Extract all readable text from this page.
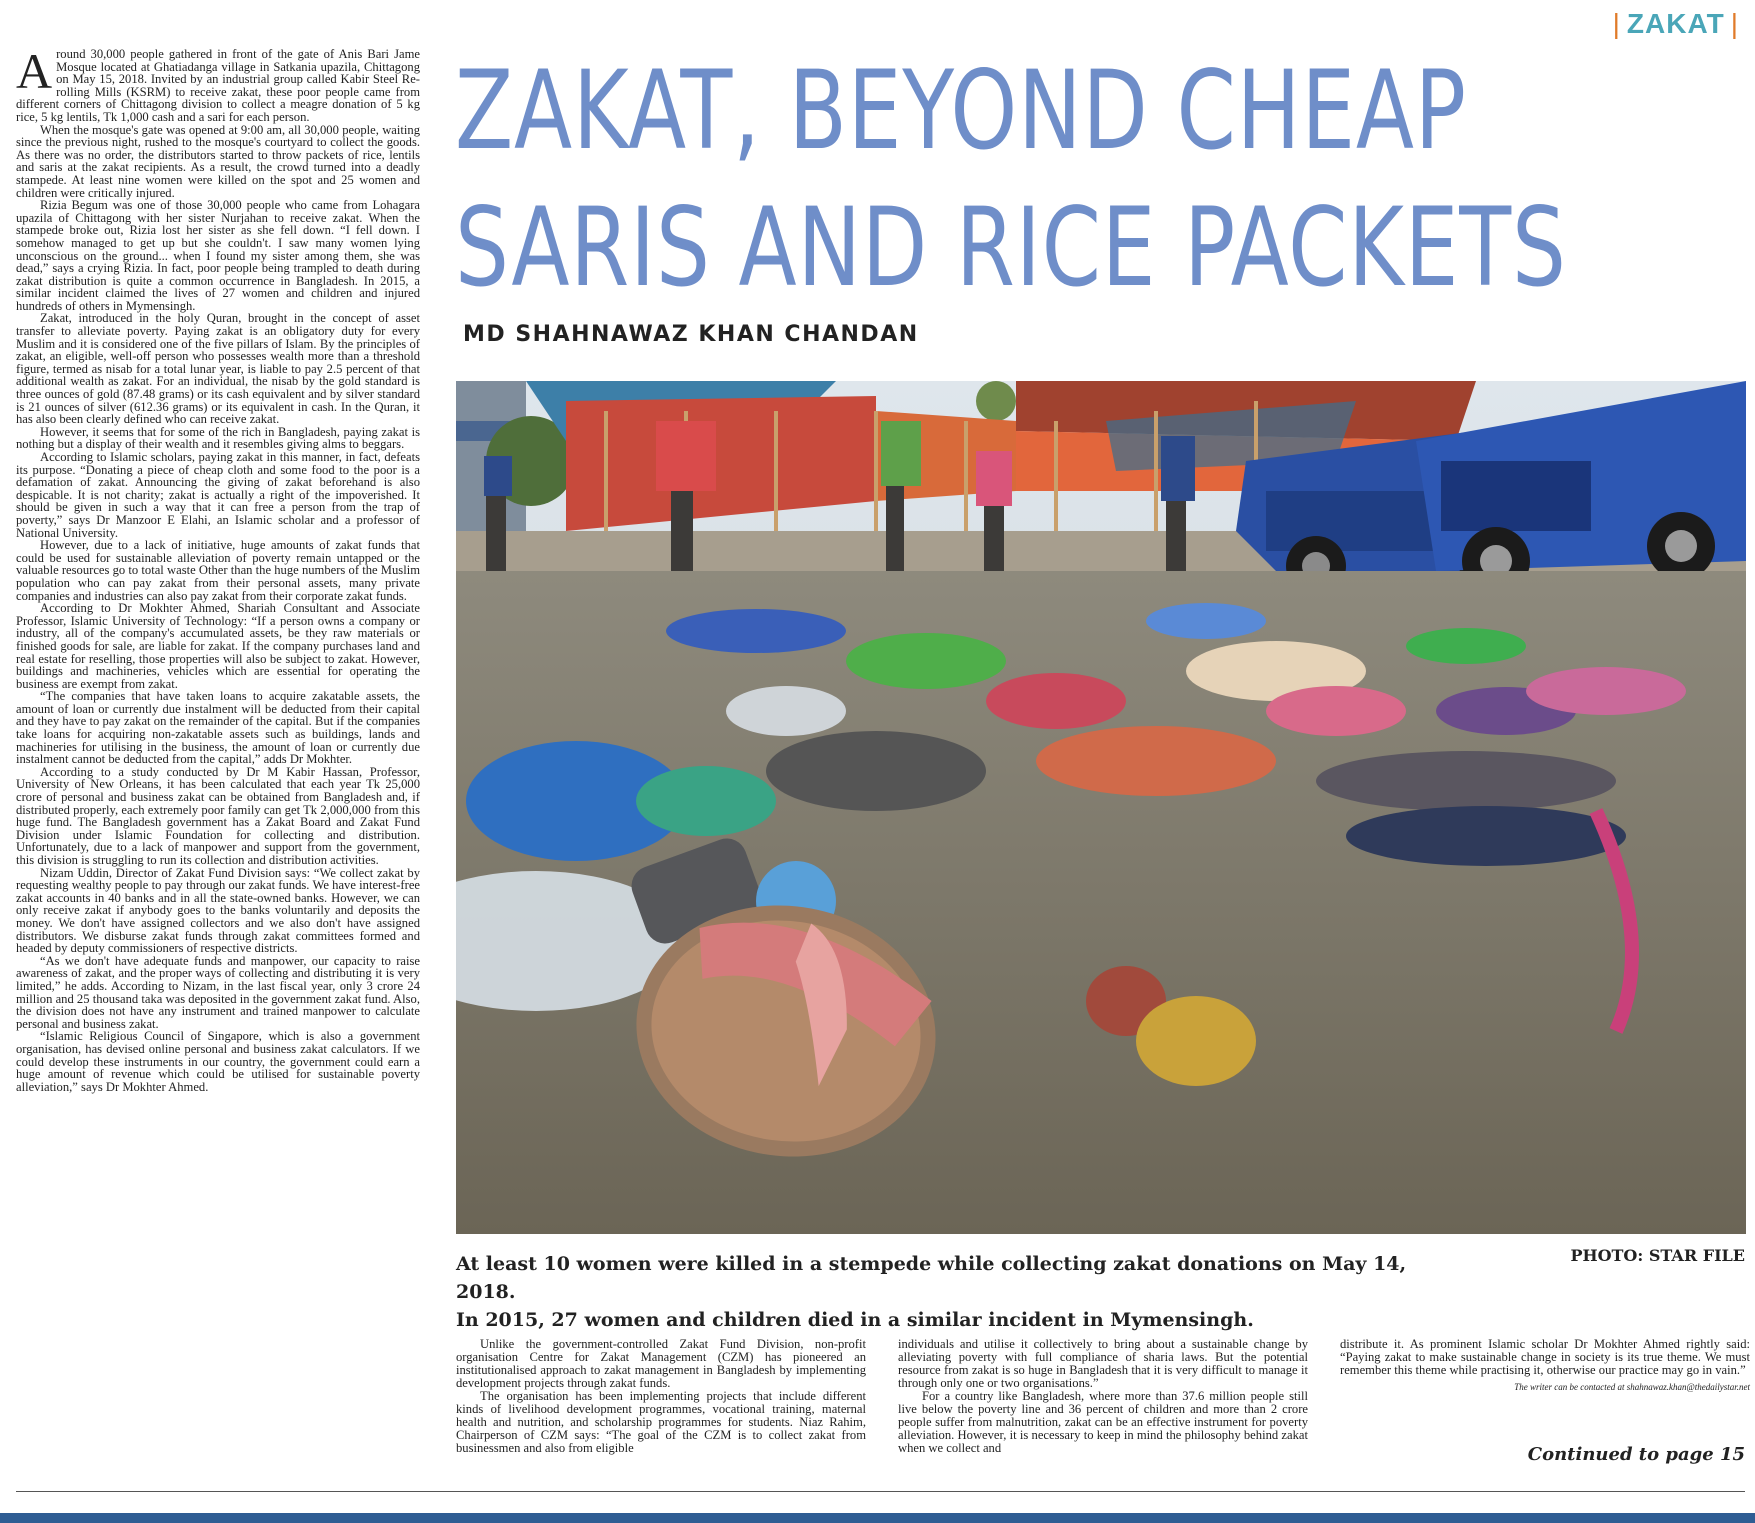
| ZAKAT |
ZAKAT, BEYOND CHEAP SARIS AND RICE PACKETS
MD SHAHNAWAZ KHAN CHANDAN

Around 30,000 people gathered in front of the gate of Anis Bari Jame Mosque located at Ghatiadanga village in Satkania upazila, Chittagong on May 15, 2018. Invited by an industrial group called Kabir Steel Re-rolling Mills (KSRM) to receive zakat, these poor people came from different corners of Chittagong division to collect a meagre donation of 5 kg rice, 5 kg lentils, Tk 1,000 cash and a sari for each person.

When the mosque's gate was opened at 9:00 am, all 30,000 people, waiting since the previous night, rushed to the mosque's courtyard to collect the goods. As there was no order, the distributors started to throw packets of rice, lentils and saris at the zakat recipients. As a result, the crowd turned into a deadly stampede. At least nine women were killed on the spot and 25 women and children were critically injured.

Rizia Begum was one of those 30,000 people who came from Lohagara upazila of Chittagong with her sister Nurjahan to receive zakat. When the stampede broke out, Rizia lost her sister as she fell down. “I fell down. I somehow managed to get up but she couldn't. I saw many women lying unconscious on the ground... when I found my sister among them, she was dead,” says a crying Rizia. In fact, poor people being trampled to death during zakat distribution is quite a common occurrence in Bangladesh. In 2015, a similar incident claimed the lives of 27 women and children and injured hundreds of others in Mymensingh.

Zakat, introduced in the holy Quran, brought in the concept of asset transfer to alleviate poverty. Paying zakat is an obligatory duty for every Muslim and it is considered one of the five pillars of Islam. By the principles of zakat, an eligible, well-off person who possesses wealth more than a threshold figure, termed as nisab for a total lunar year, is liable to pay 2.5 percent of that additional wealth as zakat. For an individual, the nisab by the gold standard is three ounces of gold (87.48 grams) or its cash equivalent and by silver standard is 21 ounces of silver (612.36 grams) or its equivalent in cash. In the Quran, it has also been clearly defined who can receive zakat.

However, it seems that for some of the rich in Bangladesh, paying zakat is nothing but a display of their wealth and it resembles giving alms to beggars.

According to Islamic scholars, paying zakat in this manner, in fact, defeats its purpose. “Donating a piece of cheap cloth and some food to the poor is a defamation of zakat. Announcing the giving of zakat beforehand is also despicable. It is not charity; zakat is actually a right of the impoverished. It should be given in such a way that it can free a person from the trap of poverty,” says Dr Manzoor E Elahi, an Islamic scholar and a professor of National University.

However, due to a lack of initiative, huge amounts of zakat funds that could be used for sustainable alleviation of poverty remain untapped or the valuable resources go to total waste Other than the huge numbers of the Muslim population who can pay zakat from their personal assets, many private companies and industries can also pay zakat from their corporate zakat funds.

According to Dr Mokhter Ahmed, Shariah Consultant and Associate Professor, Islamic University of Technology: “If a person owns a company or industry, all of the company's accumulated assets, be they raw materials or finished goods for sale, are liable for zakat. If the company purchases land and real estate for reselling, those properties will also be subject to zakat. However, buildings and machineries, vehicles which are essential for operating the business are exempt from zakat.

“The companies that have taken loans to acquire zakatable assets, the amount of loan or currently due instalment will be deducted from their capital and they have to pay zakat on the remainder of the capital. But if the companies take loans for acquiring non-zakatable assets such as buildings, lands and machineries for utilising in the business, the amount of loan or currently due instalment cannot be deducted from the capital,” adds Dr Mokhter.

According to a study conducted by Dr M Kabir Hassan, Professor, University of New Orleans, it has been calculated that each year Tk 25,000 crore of personal and business zakat can be obtained from Bangladesh and, if distributed properly, each extremely poor family can get Tk 2,000,000 from this huge fund. The Bangladesh government has a Zakat Board and Zakat Fund Division under Islamic Foundation for collecting and distribution. Unfortunately, due to a lack of manpower and support from the government, this division is struggling to run its collection and distribution activities.

Nizam Uddin, Director of Zakat Fund Division says: “We collect zakat by requesting wealthy people to pay through our zakat funds. We have interest-free zakat accounts in 40 banks and in all the state-owned banks. However, we can only receive zakat if anybody goes to the banks voluntarily and deposits the money. We don't have assigned collectors and we also don't have assigned distributors. We disburse zakat funds through zakat committees formed and headed by deputy commissioners of respective districts.

“As we don't have adequate funds and manpower, our capacity to raise awareness of zakat, and the proper ways of collecting and distributing it is very limited,” he adds. According to Nizam, in the last fiscal year, only 3 crore 24 million and 25 thousand taka was deposited in the government zakat fund. Also, the division does not have any instrument and trained manpower to calculate personal and business zakat.

“Islamic Religious Council of Singapore, which is also a government organisation, has devised online personal and business zakat calculators. If we could develop these instruments in our country, the government could earn a huge amount of revenue which could be utilised for sustainable poverty alleviation,” says Dr Mokhter Ahmed.

At least 10 women were killed in a stempede while collecting zakat donations on May 14, 2018.
In 2015, 27 women and children died in a similar incident in Mymensingh.
PHOTO: STAR FILE

Unlike the government-controlled Zakat Fund Division, non-profit organisation Centre for Zakat Management (CZM) has pioneered an institutionalised approach to zakat management in Bangladesh by implementing development projects through zakat funds.

The organisation has been implementing projects that include different kinds of livelihood development programmes, vocational training, maternal health and nutrition, and scholarship programmes for students. Niaz Rahim, Chairperson of CZM says: “The goal of the CZM is to collect zakat from businessmen and also from eligible

individuals and utilise it collectively to bring about a sustainable change by alleviating poverty with full compliance of sharia laws. But the potential resource from zakat is so huge in Bangladesh that it is very difficult to manage it through only one or two organisations.”

For a country like Bangladesh, where more than 37.6 million people still live below the poverty line and 36 percent of children and more than 2 crore people suffer from malnutrition, zakat can be an effective instrument for poverty alleviation. However, it is necessary to keep in mind the philosophy behind zakat when we collect and

distribute it. As prominent Islamic scholar Dr Mokhter Ahmed rightly said: “Paying zakat to make sustainable change in society is its true theme. We must remember this theme while practising it, otherwise our practice may go in vain.”

The writer can be contacted at shahnawaz.khan@thedailystar.net
Continued to page 15
